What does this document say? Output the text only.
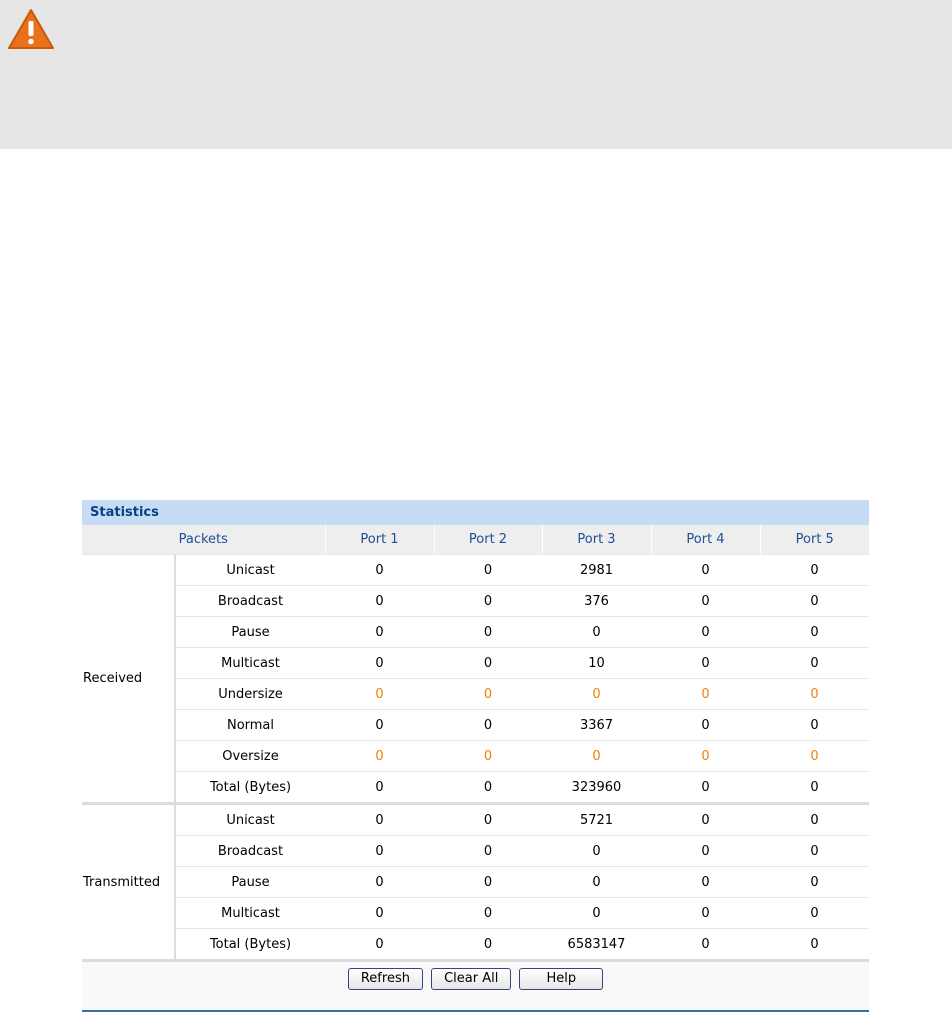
Statistics
Packets		Port 1	Port 2	Port 3	Port 4	Port 5
Received	Unicast	0	0	2981	0	0
	Broadcast	0	0	376	0	0
	Pause	0	0	0	0	0
	Multicast	0	0	10	0	0
	Undersize	0	0	0	0	0
	Normal	0	0	3367	0	0
	Oversize	0	0	0	0	0
	Total (Bytes)	0	0	323960	0	0
Transmitted	Unicast	0	0	5721	0	0
	Broadcast	0	0	0	0	0
	Pause	0	0	0	0	0
	Multicast	0	0	0	0	0
	Total (Bytes)	0	0	6583147	0	0
Refresh	Clear All	Help
